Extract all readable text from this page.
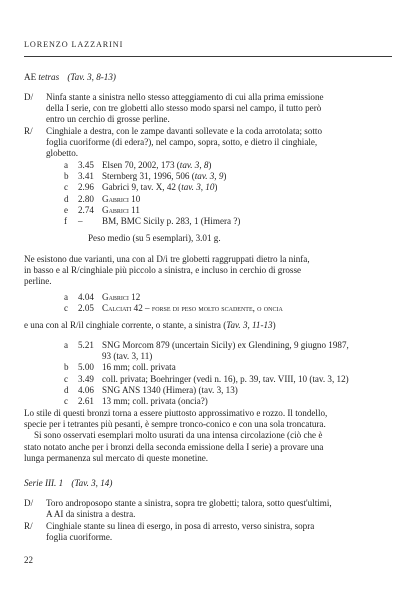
LORENZO LAZZARINI
AE tetras (Tav. 3, 8-13)
D/ Ninfa stante a sinistra nello stesso atteggiamento di cui alla prima emissione
della I serie, con tre globetti allo stesso modo sparsi nel campo, il tutto però
entro un cerchio di grosse perline.
R/ Cinghiale a destra, con le zampe davanti sollevate e la coda arrotolata; sotto
foglia cuoriforme (di edera?), nel campo, sopra, sotto, e dietro il cinghiale,
globetto.
a 3.45 Elsen 70, 2002, 173 (tav. 3, 8)
b 3.41 Sternberg 31, 1996, 506 (tav. 3, 9)
c 2.96 Gabrici 9, tav. X, 42 (tav. 3, 10)
d 2.80 Gabrici 10
e 2.74 Gabrici 11
f – BM, BMC Sicily p. 283, 1 (Himera ?)
Peso medio (su 5 esemplari), 3.01 g.
Ne esistono due varianti, una con al D/i tre globetti raggruppati dietro la ninfa,
in basso e al R/cinghiale più piccolo a sinistra, e incluso in cerchio di grosse
perline.
a 4.04 Gabrici 12
c 2.05 Calciati 42 – forse di peso molto scadente, o oncia
e una con al R/il cinghiale corrente, o stante, a sinistra (Tav. 3, 11-13)
a 5.21 SNG Morcom 879 (uncertain Sicily) ex Glendining, 9 giugno 1987,
93 (tav. 3, 11)
b 5.00 16 mm; coll. privata
c 3.49 coll. privata; Boehringer (vedi n. 16), p. 39, tav. VIII, 10 (tav. 3, 12)
d 4.06 SNG ANS 1340 (Himera) (tav. 3, 13)
c 2.61 13 mm; coll. privata (oncia?)
Lo stile di questi bronzi torna a essere piuttosto approssimativo e rozzo. Il tondello,
specie per i tetrantes più pesanti, è sempre tronco-conico e con una sola troncatura.
Si sono osservati esemplari molto usurati da una intensa circolazione (ciò che è
stato notato anche per i bronzi della seconda emissione della I serie) a provare una
lunga permanenza sul mercato di queste monetine.
Serie III. 1 (Tav. 3, 14)
D/ Toro androposopo stante a sinistra, sopra tre globetti; talora, sotto quest'ultimi,
A AI da sinistra a destra.
R/ Cinghiale stante su linea di esergo, in posa di arresto, verso sinistra, sopra
foglia cuoriforme.
22
